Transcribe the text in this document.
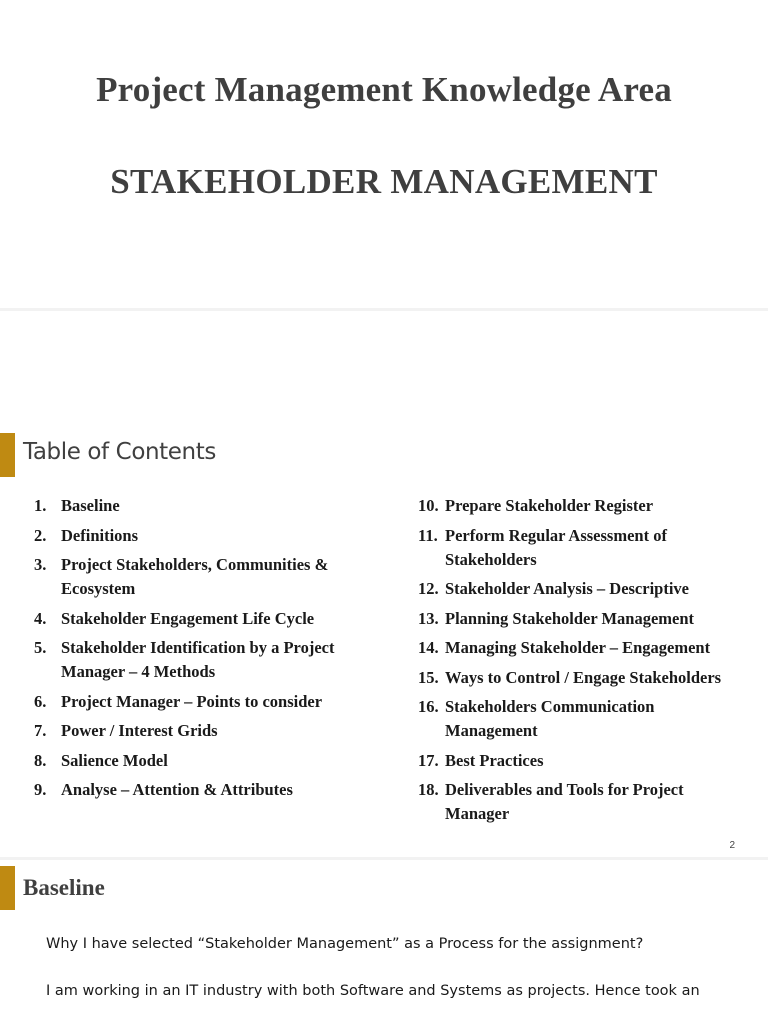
Project Management Knowledge Area
STAKEHOLDER MANAGEMENT
Table of Contents
1. Baseline
2. Definitions
3. Project Stakeholders, Communities & Ecosystem
4. Stakeholder Engagement Life Cycle
5. Stakeholder Identification by a Project Manager – 4 Methods
6. Project Manager – Points to consider
7. Power / Interest Grids
8. Salience Model
9. Analyse – Attention & Attributes
10. Prepare Stakeholder Register
11. Perform Regular Assessment of Stakeholders
12. Stakeholder Analysis – Descriptive
13. Planning Stakeholder Management
14. Managing Stakeholder – Engagement
15. Ways to Control / Engage Stakeholders
16. Stakeholders Communication Management
17. Best Practices
18. Deliverables and Tools for Project Manager
2
Baseline
Why I have selected “Stakeholder Management” as a Process for the assignment?
I am working in an IT industry with both Software and Systems as projects. Hence took an
